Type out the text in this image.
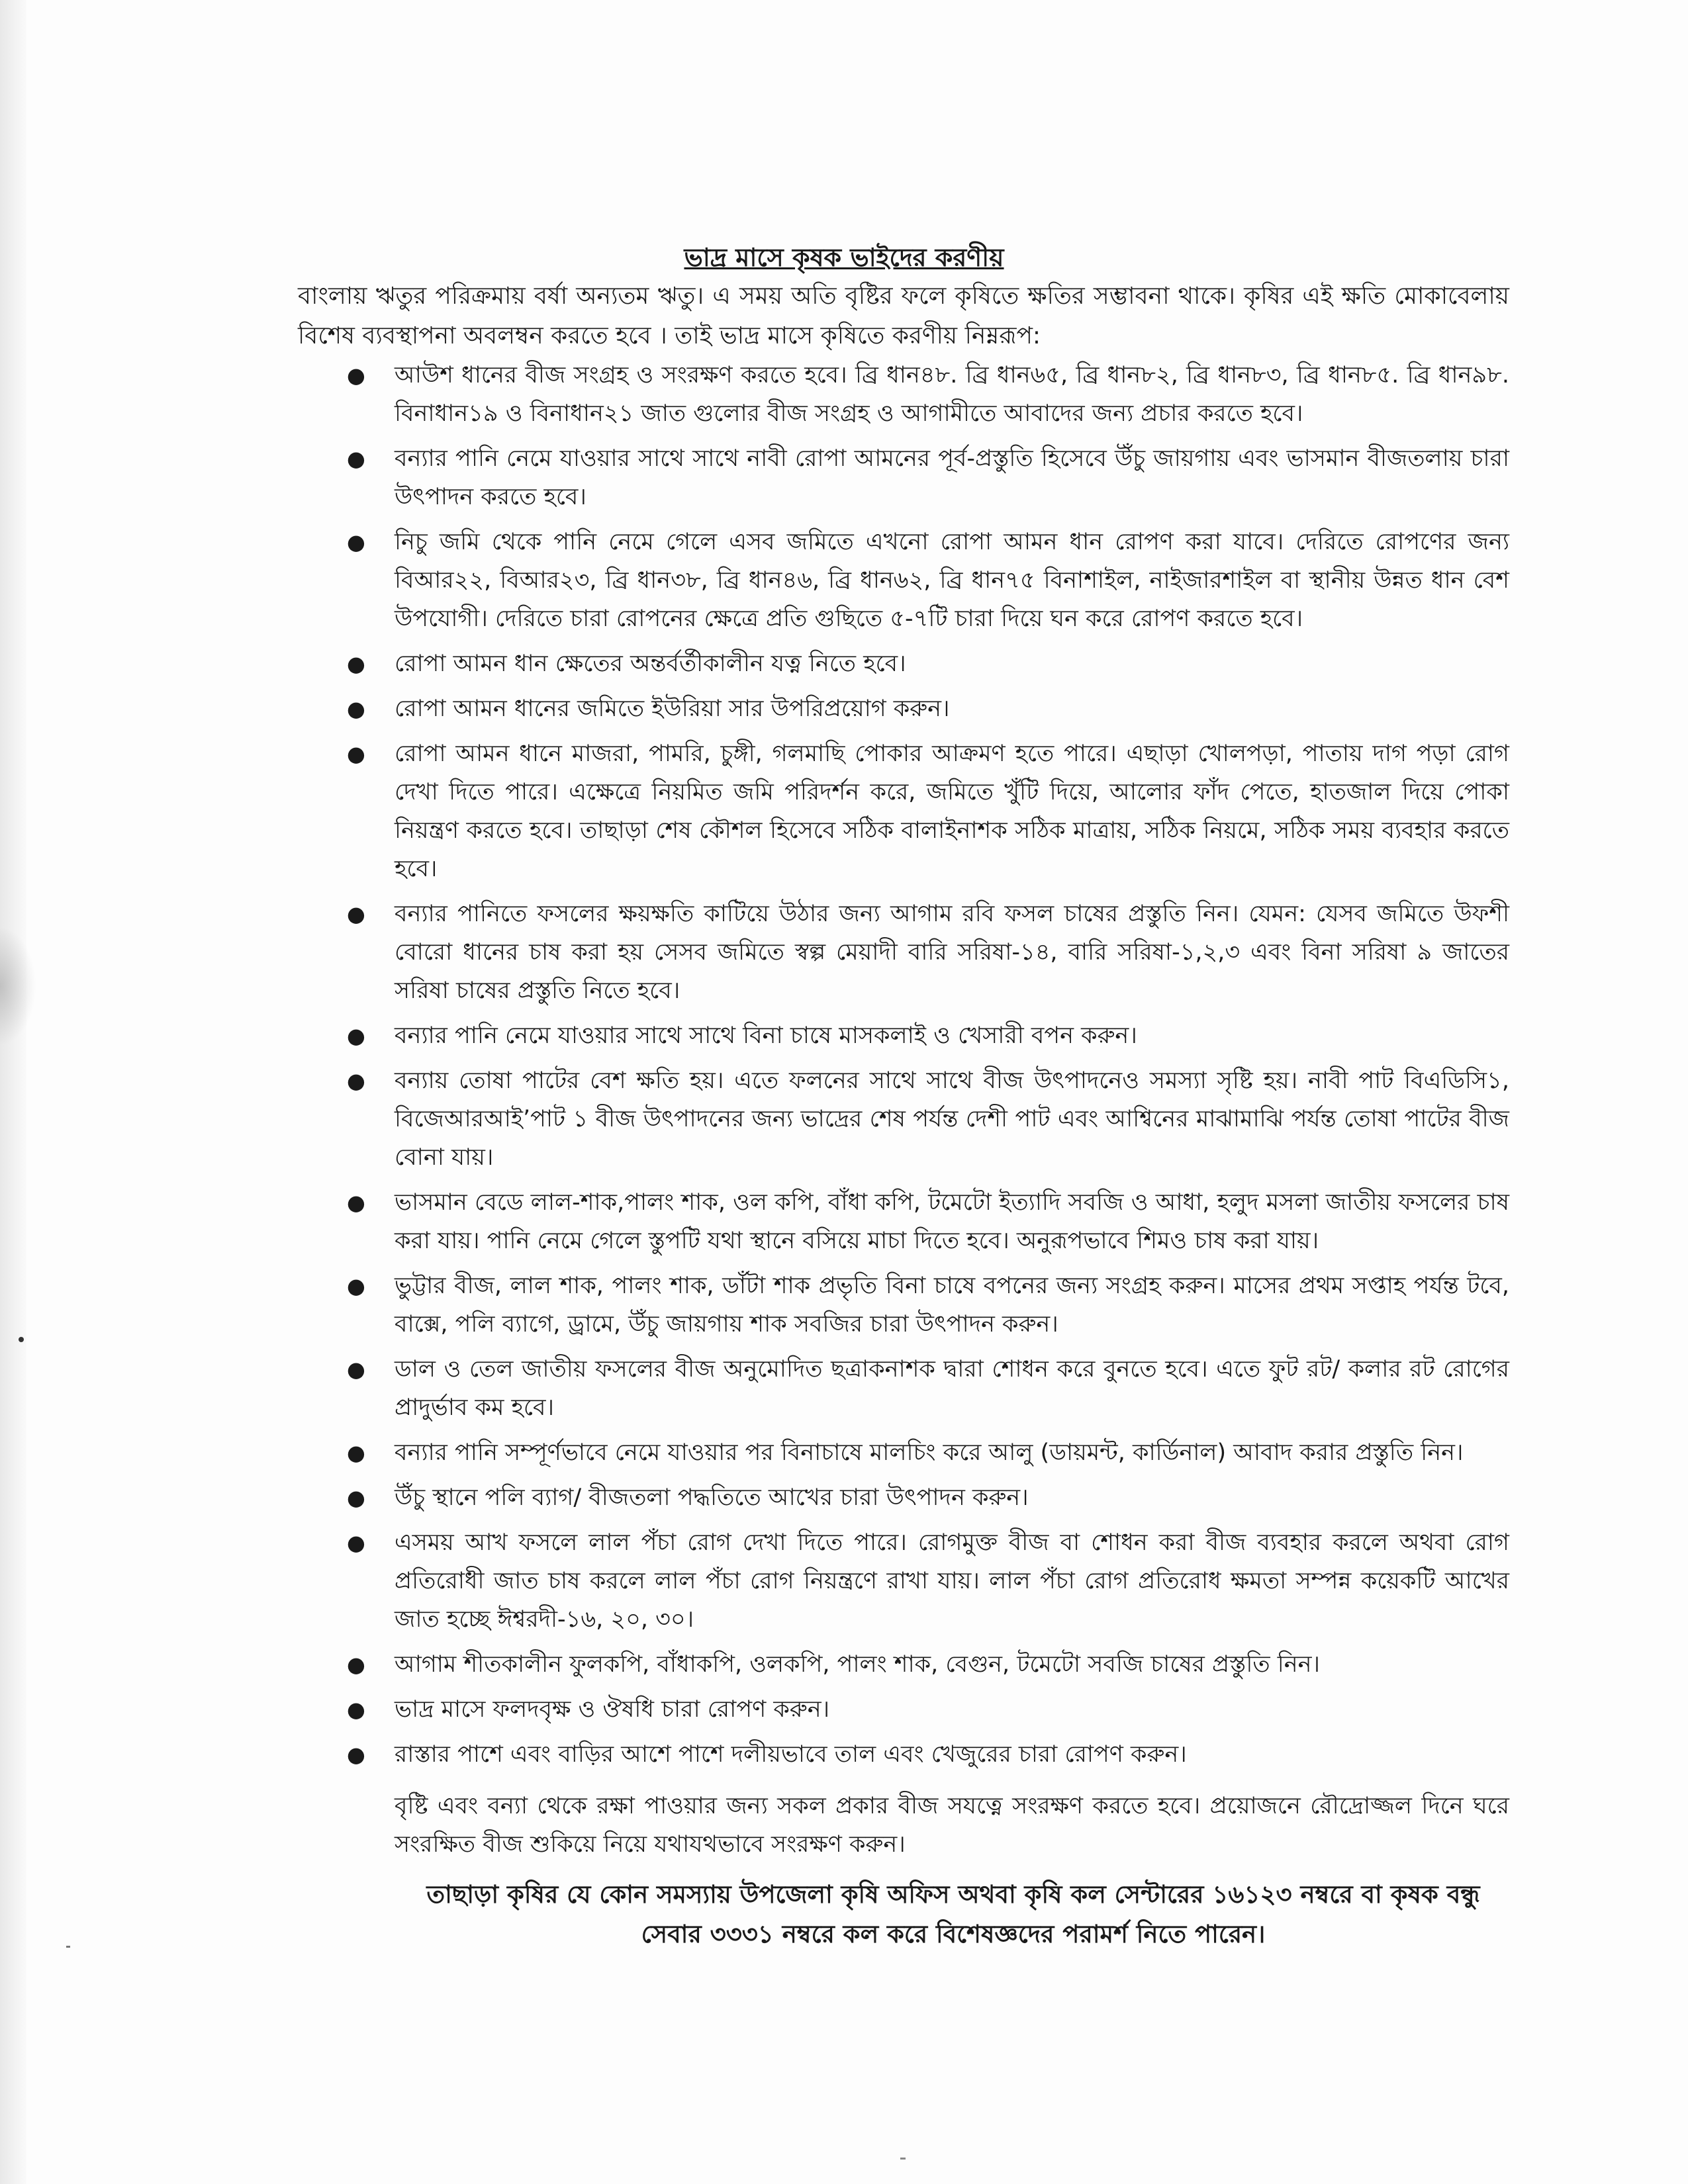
ভাদ্র মাসে কৃষক ভাইদের করণীয়
বাংলায় ঋতুর পরিক্রমায় বর্ষা অন্যতম ঋতু। এ সময় অতি বৃষ্টির ফলে কৃষিতে ক্ষতির সম্ভাবনা থাকে। কৃষির এই ক্ষতি মোকাবেলায় বিশেষ ব্যবস্থাপনা অবলম্বন করতে হবে । তাই ভাদ্র মাসে কৃষিতে করণীয় নিম্নরূপ:
● আউশ ধানের বীজ সংগ্রহ ও সংরক্ষণ করতে হবে। ব্রি ধান৪৮. ব্রি ধান৬৫, ব্রি ধান৮২, ব্রি ধান৮৩, ব্রি ধান৮৫. ব্রি ধান৯৮. বিনাধান১৯ ও বিনাধান২১ জাত গুলোর বীজ সংগ্রহ ও আগামীতে আবাদের জন্য প্রচার করতে হবে।
● বন্যার পানি নেমে যাওয়ার সাথে সাথে নাবী রোপা আমনের পূর্ব-প্রস্তুতি হিসেবে উঁচু জায়গায় এবং ভাসমান বীজতলায় চারা উৎপাদন করতে হবে।
● নিচু জমি থেকে পানি নেমে গেলে এসব জমিতে এখনো রোপা আমন ধান রোপণ করা যাবে। দেরিতে রোপণের জন্য বিআর২২, বিআর২৩, ব্রি ধান৩৮, ব্রি ধান৪৬, ব্রি ধান৬২, ব্রি ধান৭৫ বিনাশাইল, নাইজারশাইল বা স্থানীয় উন্নত ধান বেশ উপযোগী। দেরিতে চারা রোপনের ক্ষেত্রে প্রতি গুছিতে ৫-৭টি চারা দিয়ে ঘন করে রোপণ করতে হবে।
● রোপা আমন ধান ক্ষেতের অন্তর্বর্তীকালীন যত্ন নিতে হবে।
● রোপা আমন ধানের জমিতে ইউরিয়া সার উপরিপ্রয়োগ করুন।
● রোপা আমন ধানে মাজরা, পামরি, চুঙ্গী, গলমাছি পোকার আক্রমণ হতে পারে। এছাড়া খোলপড়া, পাতায় দাগ পড়া রোগ দেখা দিতে পারে। এক্ষেত্রে নিয়মিত জমি পরিদর্শন করে, জমিতে খুঁটি দিয়ে, আলোর ফাঁদ পেতে, হাতজাল দিয়ে পোকা নিয়ন্ত্রণ করতে হবে। তাছাড়া শেষ কৌশল হিসেবে সঠিক বালাইনাশক সঠিক মাত্রায়, সঠিক নিয়মে, সঠিক সময় ব্যবহার করতে হবে।
● বন্যার পানিতে ফসলের ক্ষয়ক্ষতি কাটিয়ে উঠার জন্য আগাম রবি ফসল চাষের প্রস্তুতি নিন। যেমন: যেসব জমিতে উফশী বোরো ধানের চাষ করা হয় সেসব জমিতে স্বল্প মেয়াদী বারি সরিষা-১৪, বারি সরিষা-১,২,৩ এবং বিনা সরিষা ৯ জাতের সরিষা চাষের প্রস্তুতি নিতে হবে।
● বন্যার পানি নেমে যাওয়ার সাথে সাথে বিনা চাষে মাসকলাই ও খেসারী বপন করুন।
● বন্যায় তোষা পাটের বেশ ক্ষতি হয়। এতে ফলনের সাথে সাথে বীজ উৎপাদনেও সমস্যা সৃষ্টি হয়। নাবী পাট বিএডিসি১, বিজেআরআই’পাট ১ বীজ উৎপাদনের জন্য ভাদ্রের শেষ পর্যন্ত দেশী পাট এবং আশ্বিনের মাঝামাঝি পর্যন্ত তোষা পাটের বীজ বোনা যায়।
● ভাসমান বেডে লাল-শাক,পালং শাক, ওল কপি, বাঁধা কপি, টমেটো ইত্যাদি সবজি ও আধা, হলুদ মসলা জাতীয় ফসলের চাষ করা যায়। পানি নেমে গেলে স্তুপটি যথা স্থানে বসিয়ে মাচা দিতে হবে। অনুরূপভাবে শিমও চাষ করা যায়।
● ভুট্টার বীজ, লাল শাক, পালং শাক, ডাঁটা শাক প্রভৃতি বিনা চাষে বপনের জন্য সংগ্রহ করুন। মাসের প্রথম সপ্তাহ পর্যন্ত টবে, বাক্সে, পলি ব্যাগে, ড্রামে, উঁচু জায়গায় শাক সবজির চারা উৎপাদন করুন।
● ডাল ও তেল জাতীয় ফসলের বীজ অনুমোদিত ছত্রাকনাশক দ্বারা শোধন করে বুনতে হবে। এতে ফুট রট/ কলার রট রোগের প্রাদুর্ভাব কম হবে।
● বন্যার পানি সম্পূর্ণভাবে নেমে যাওয়ার পর বিনাচাষে মালচিং করে আলু (ডায়মন্ট, কার্ডিনাল) আবাদ করার প্রস্তুতি নিন।
● উঁচু স্থানে পলি ব্যাগ/ বীজতলা পদ্ধতিতে আখের চারা উৎপাদন করুন।
● এসময় আখ ফসলে লাল পঁচা রোগ দেখা দিতে পারে। রোগমুক্ত বীজ বা শোধন করা বীজ ব্যবহার করলে অথবা রোগ প্রতিরোধী জাত চাষ করলে লাল পঁচা রোগ নিয়ন্ত্রণে রাখা যায়। লাল পঁচা রোগ প্রতিরোধ ক্ষমতা সম্পন্ন কয়েকটি আখের জাত হচ্ছে ঈশ্বরদী-১৬, ২০, ৩০।
● আগাম শীতকালীন ফুলকপি, বাঁধাকপি, ওলকপি, পালং শাক, বেগুন, টমেটো সবজি চাষের প্রস্তুতি নিন।
● ভাদ্র মাসে ফলদবৃক্ষ ও ঔষধি চারা রোপণ করুন।
● রাস্তার পাশে এবং বাড়ির আশে পাশে দলীয়ভাবে তাল এবং খেজুরের চারা রোপণ করুন।
বৃষ্টি এবং বন্যা থেকে রক্ষা পাওয়ার জন্য সকল প্রকার বীজ সযত্নে সংরক্ষণ করতে হবে। প্রয়োজনে রৌদ্রোজ্জল দিনে ঘরে সংরক্ষিত বীজ শুকিয়ে নিয়ে যথাযথভাবে সংরক্ষণ করুন।
তাছাড়া কৃষির যে কোন সমস্যায় উপজেলা কৃষি অফিস অথবা কৃষি কল সেন্টারের ১৬১২৩ নম্বরে বা কৃষক বন্ধু
সেবার ৩৩৩১ নম্বরে কল করে বিশেষজ্ঞদের পরামর্শ নিতে পারেন।
